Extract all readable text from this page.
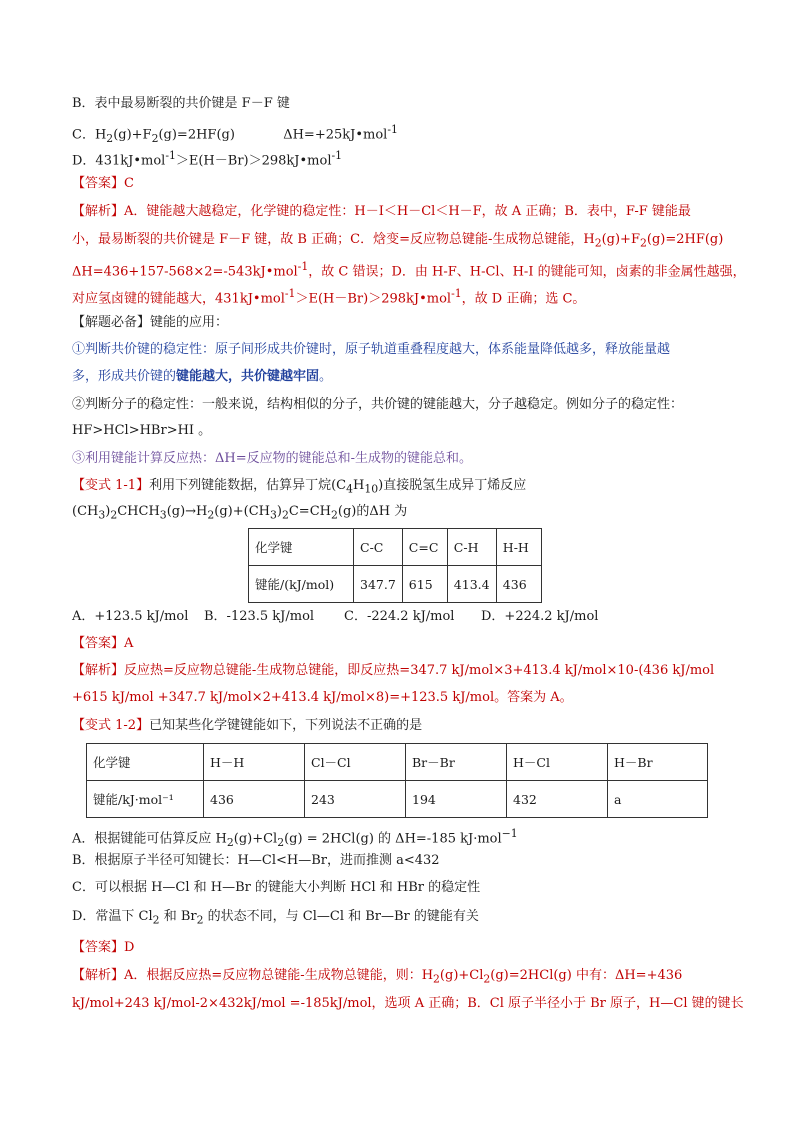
B．表中最易断裂的共价键是 F－F 键
C．$H_2(g)+F_2(g)=2HF(g)$	ΔH=+25kJ•mol$^{-1}$
D．431kJ•mol$^{-1}$＞E(H－Br)＞298kJ•mol$^{-1}$
【答案】C
【解析】A．键能越大越稳定，化学键的稳定性：H－I＜H－Cl＜H－F，故 A 正确；B．表中，F-F 键能最
小，最易断裂的共价键是 F－F 键，故 B 正确；C．焓变=反应物总键能-生成物总键能，$H_2(g)+F_2(g)=2HF(g)$
ΔH=436+157-568×2=-543kJ•mol$^{-1}$，故 C 错误；D．由 H-F、H-Cl、H-I 的键能可知，卤素的非金属性越强，
对应氢卤键的键能越大，431kJ•mol$^{-1}$＞E(H－Br)＞298kJ•mol$^{-1}$，故 D 正确；选 C。
【解题必备】键能的应用：
①判断共价键的稳定性：原子间形成共价键时，原子轨道重叠程度越大，体系能量降低越多，释放能量越
多，形成共价键的键能越大，共价键越牢固。
②判断分子的稳定性：一般来说，结构相似的分子，共价键的键能越大，分子越稳定。例如分子的稳定性：
HF>HCl>HBr>HI 。
③利用键能计算反应热：ΔH=反应物的键能总和-生成物的键能总和。
【变式 1-1】利用下列键能数据，估算异丁烷$(C_4H_{10})$直接脱氢生成异丁烯反应
$(CH_3)_2CHCH_3(g)\to H_2(g)+(CH_3)_2C=CH_2(g)$的ΔH 为
化学键	C-C	C=C	C-H	H-H
键能/(kJ/mol)	347.7	615	413.4	436
A．+123.5 kJ/mol B．-123.5 kJ/mol C．-224.2 kJ/mol D．+224.2 kJ/mol
【答案】A
【解析】反应热=反应物总键能-生成物总键能，即反应热=347.7 kJ/mol×3+413.4 kJ/mol×10-(436 kJ/mol
+615 kJ/mol +347.7 kJ/mol×2+413.4 kJ/mol×8)=+123.5 kJ/mol。答案为 A。
【变式 1-2】已知某些化学键键能如下，下列说法不正确的是
化学键	H－H	Cl－Cl	Br－Br	H－Cl	H－Br
键能/kJ·mol⁻¹	436	243	194	432	a
A．根据键能可估算反应 $H_2(g)+Cl_2(g) = 2HCl(g)$ 的 ΔH=-185 kJ·mol$^{-1}$
B．根据原子半径可知键长：H—Cl<H—Br，进而推测 a<432
C．可以根据 H—Cl 和 H—Br 的键能大小判断 HCl 和 HBr 的稳定性
D．常温下 $Cl_2$ 和 $Br_2$ 的状态不同，与 Cl—Cl 和 Br—Br 的键能有关
【答案】D
【解析】A．根据反应热=反应物总键能-生成物总键能，则：$H_2(g)+Cl_2(g)=2HCl(g)$ 中有：ΔH=+436
kJ/mol+243 kJ/mol-2×432kJ/mol =-185kJ/mol，选项 A 正确；B．Cl 原子半径小于 Br 原子，H—Cl 键的键长
